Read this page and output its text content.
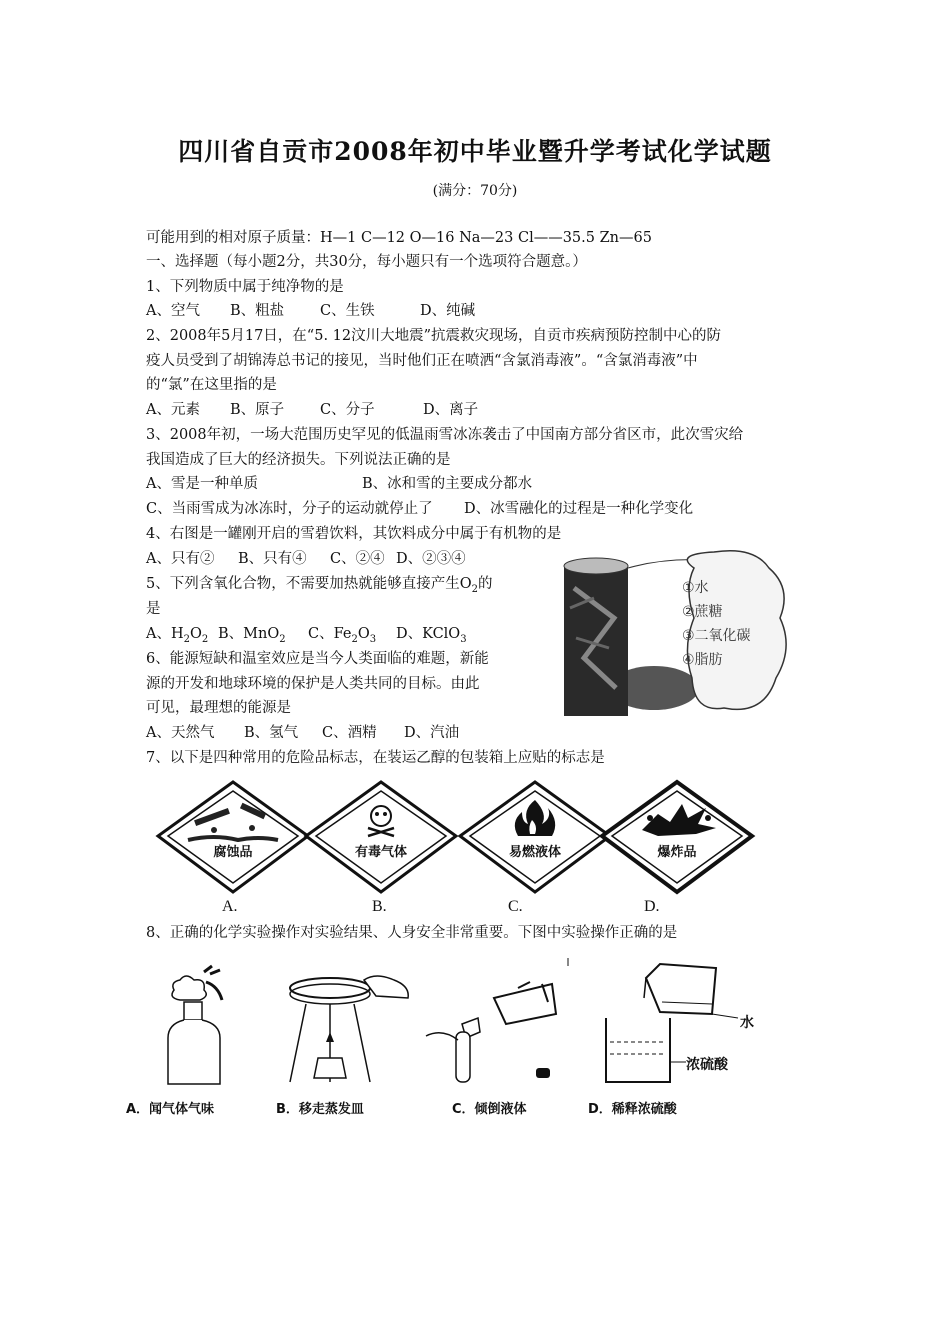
四川省自贡市2008年初中毕业暨升学考试化学试题
(满分：70分)
可能用到的相对原子质量：H—1 C—12 O—16 Na—23 Cl——35.5 Zn—65
一、选择题（每小题2分，共30分，每小题只有一个选项符合题意。）
1、下列物质中属于纯净物的是
A、空气 B、粗盐 C、生铁	D、纯碱
2、2008年5月17日，在“5. 12汶川大地震”抗震救灾现场，自贡市疾病预防控制中心的防
疫人员受到了胡锦涛总书记的接见，当时他们正在喷洒“含氯消毒液”。“含氯消毒液”中
的“氯”在这里指的是
A、元素 B、原子 C、分子	D、离子
3、2008年初，一场大范围历史罕见的低温雨雪冰冻袭击了中国南方部分省区市，此次雪灾给
我国造成了巨大的经济损失。下列说法正确的是
A、雪是一种单质	B、冰和雪的主要成分都水
C、当雨雪成为冰冻时，分子的运动就停止了 D、冰雪融化的过程是一种化学变化
4、右图是一罐刚开启的雪碧饮料，其饮料成分中属于有机物的是
A、只有② B、只有④ C、②④ D、②③④
①水
②蔗糖
③二氧化碳
④脂肪
5、下列含氧化合物，不需要加热就能够直接产生$O_2$的
是
A、$H_2O_2$ B、MnO$_2$ C、$Fe_2O_3$ D、KClO$_3$
6、能源短缺和温室效应是当今人类面临的难题，新能
源的开发和地球环境的保护是人类共同的目标。由此
可见，最理想的能源是
A、天然气 B、氢气 C、酒精 D、汽油
7、以下是四种常用的危险品标志，在装运乙醇的包装箱上应贴的标志是
腐蚀品
A.
有毒气体
B.
易燃液体
C.
爆炸品
D.
8、正确的化学实验操作对实验结果、人身安全非常重要。下图中实验操作正确的是
水
浓硫酸
A．闻气体气味	B．移走蒸发皿	C．倾倒液体	D．稀释浓硫酸
